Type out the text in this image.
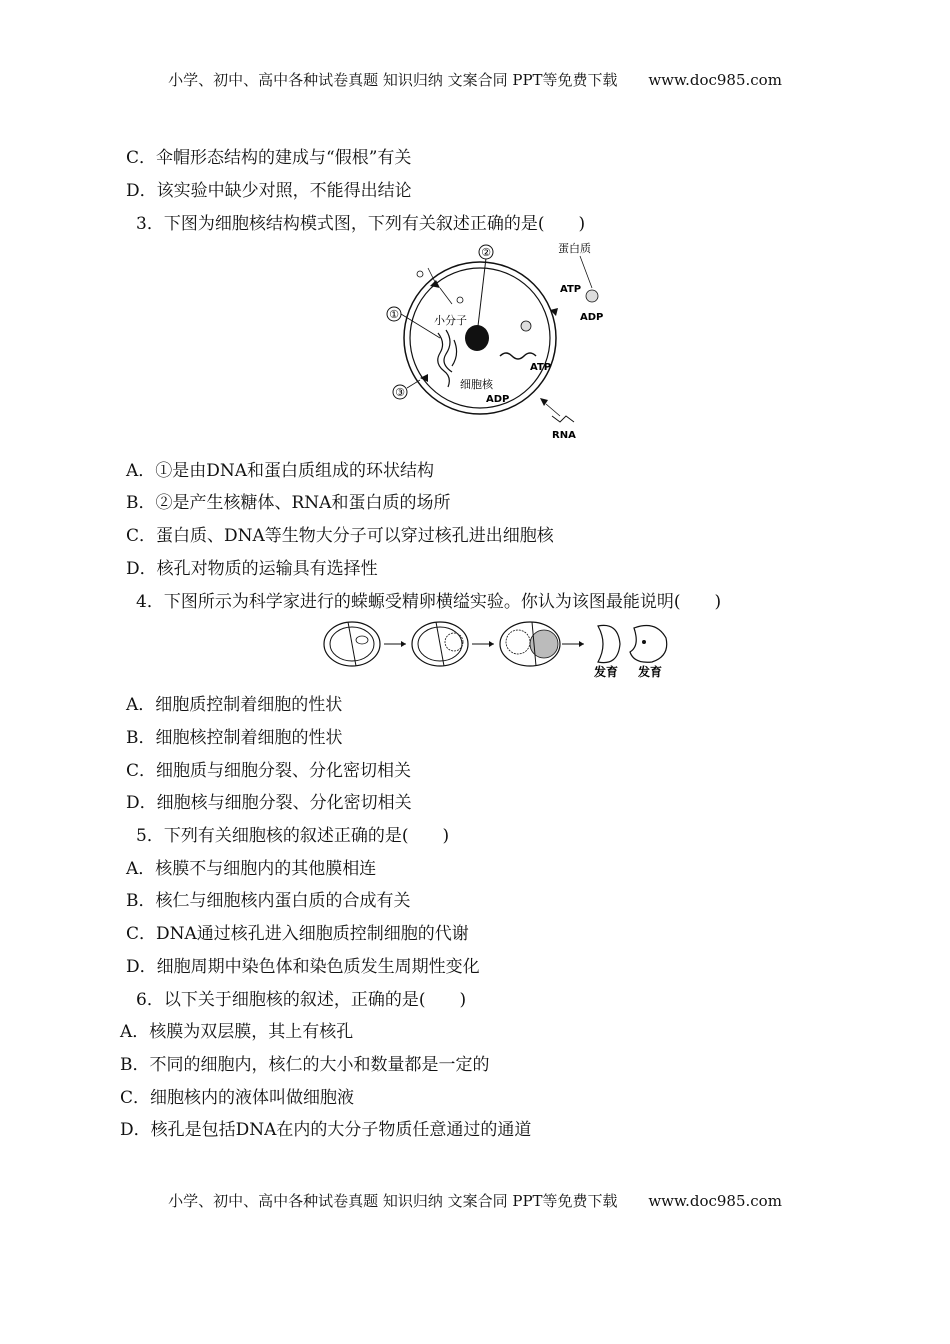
小学、初中、高中各种试卷真题 知识归纳 文案合同 PPT等免费下载 www.doc985.com
C．伞帽形态结构的建成与“假根”有关
D．该实验中缺少对照，不能得出结论
3．下图为细胞核结构模式图，下列有关叙述正确的是(　　)
②	蛋白质
ATP
ADP
①	小分子
ATP
细胞核
ADP
③
RNA
A．①是由DNA和蛋白质组成的环状结构
B．②是产生核糖体、RNA和蛋白质的场所
C．蛋白质、DNA等生物大分子可以穿过核孔进出细胞核
D．核孔对物质的运输具有选择性
4．下图所示为科学家进行的蝾螈受精卵横缢实验。你认为该图最能说明(　　)
发育 发育
A．细胞质控制着细胞的性状
B．细胞核控制着细胞的性状
C．细胞质与细胞分裂、分化密切相关
D．细胞核与细胞分裂、分化密切相关
5．下列有关细胞核的叙述正确的是(　　)
A．核膜不与细胞内的其他膜相连
B．核仁与细胞核内蛋白质的合成有关
C．DNA通过核孔进入细胞质控制细胞的代谢
D．细胞周期中染色体和染色质发生周期性变化
6．以下关于细胞核的叙述，正确的是(　　)
A．核膜为双层膜，其上有核孔
B．不同的细胞内，核仁的大小和数量都是一定的
C．细胞核内的液体叫做细胞液
D．核孔是包括DNA在内的大分子物质任意通过的通道
小学、初中、高中各种试卷真题 知识归纳 文案合同 PPT等免费下载 www.doc985.com
